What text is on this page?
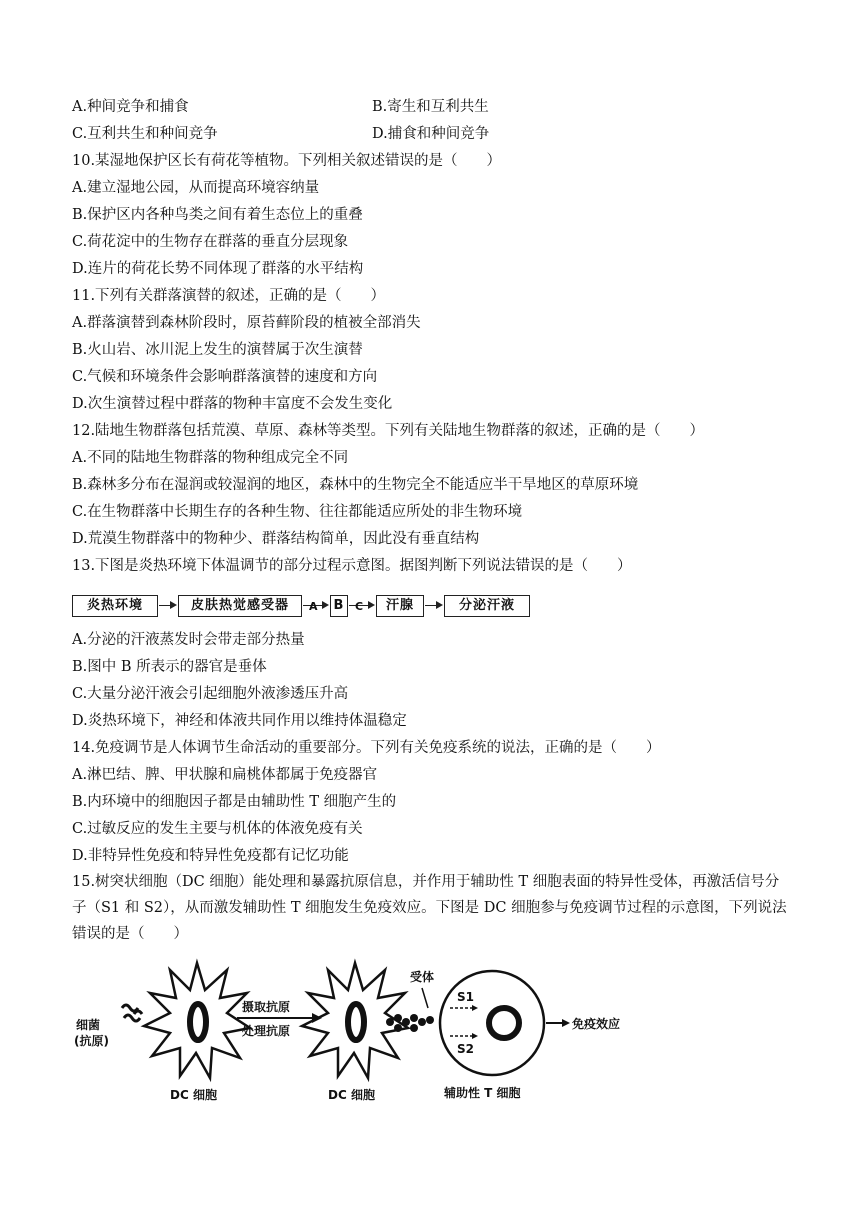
A.种间竞争和捕食	B.寄生和互利共生
C.互利共生和种间竞争	D.捕食和种间竞争
10.某湿地保护区长有荷花等植物。下列相关叙述错误的是（　　）
A.建立湿地公园，从而提高环境容纳量
B.保护区内各种鸟类之间有着生态位上的重叠
C.荷花淀中的生物存在群落的垂直分层现象
D.连片的荷花长势不同体现了群落的水平结构
11.下列有关群落演替的叙述，正确的是（　　）
A.群落演替到森林阶段时，原苔藓阶段的植被全部消失
B.火山岩、冰川泥上发生的演替属于次生演替
C.气候和环境条件会影响群落演替的速度和方向
D.次生演替过程中群落的物种丰富度不会发生变化
12.陆地生物群落包括荒漠、草原、森林等类型。下列有关陆地生物群落的叙述，正确的是（　　）
A.不同的陆地生物群落的物种组成完全不同
B.森林多分布在湿润或较湿润的地区，森林中的生物完全不能适应半干旱地区的草原环境
C.在生物群落中长期生存的各种生物、往往都能适应所处的非生物环境
D.荒漠生物群落中的物种少、群落结构简单，因此没有垂直结构
13.下图是炎热环境下体温调节的部分过程示意图。据图判断下列说法错误的是（　　）
炎热环境	皮肤热觉感受器	A B C	汗腺	分泌汗液
A.分泌的汗液蒸发时会带走部分热量
B.图中 B 所表示的器官是垂体
C.大量分泌汗液会引起细胞外液渗透压升高
D.炎热环境下，神经和体液共同作用以维持体温稳定
14.免疫调节是人体调节生命活动的重要部分。下列有关免疫系统的说法，正确的是（　　）
A.淋巴结、脾、甲状腺和扁桃体都属于免疫器官
B.内环境中的细胞因子都是由辅助性 T 细胞产生的
C.过敏反应的发生主要与机体的体液免疫有关
D.非特异性免疫和特异性免疫都有记忆功能
15.树突状细胞（DC 细胞）能处理和暴露抗原信息，并作用于辅助性 T 细胞表面的特异性受体，再激活信号分子（S1 和 S2），从而激发辅助性 T 细胞发生免疫效应。下图是 DC 细胞参与免疫调节过程的示意图，下列说法错误的是（　　）
细菌
(抗原)
摄取抗原
处理抗原
DC 细胞	DC 细胞
受体
S1
S2
辅助性 T 细胞
免疫效应
